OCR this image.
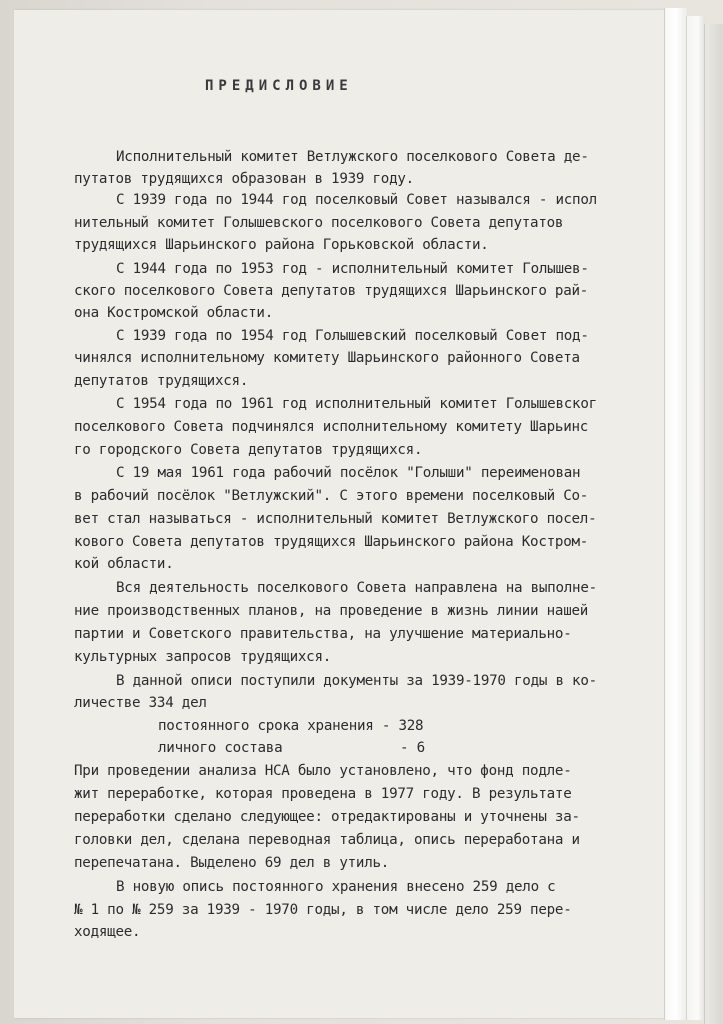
ПРЕДИСЛОВИЕ
Исполнительный комитет Ветлужского поселкового Совета де-
путатов трудящихся образован в 1939 году.
С 1939 года по 1944 год поселковый Совет назывался - испол
нительный комитет Голышевского поселкового Совета депутатов
трудящихся Шарьинского района Горьковской области.
С 1944 года по 1953 год - исполнительный комитет Голышев-
ского поселкового Совета депутатов трудящихся Шарьинского рай-
она Костромской области.
С 1939 года по 1954 год Голышевский поселковый Совет под-
чинялся исполнительному комитету Шарьинского районного Совета
депутатов трудящихся.
С 1954 года по 1961 год исполнительный комитет Голышевског
поселкового Совета подчинялся исполнительному комитету Шарьинс
го городского Совета депутатов трудящихся.
С 19 мая 1961 года рабочий посёлок "Голыши" переименован
в рабочий посёлок "Ветлужский". С этого времени поселковый Со-
вет стал называться - исполнительный комитет Ветлужского посел-
кового Совета депутатов трудящихся Шарьинского района Костром-
кой области.
Вся деятельность поселкового Совета направлена на выполне-
ние производственных планов, на проведение в жизнь линии нашей
партии и Советского правительства, на улучшение материально-
культурных запросов трудящихся.
В данной описи поступили документы за 1939-1970 годы в ко-
личестве 334 дел
постоянного срока хранения - 328
личного состава	- 6
При проведении анализа НСА было установлено, что фонд подле-
жит переработке, которая проведена в 1977 году. В результате
переработки сделано следующее: отредактированы и уточнены за-
головки дел, сделана переводная таблица, опись переработана и
перепечатана. Выделено 69 дел в утиль.
В новую опись постоянного хранения внесено 259 дело с
№ 1 по № 259 за 1939 - 1970 годы, в том числе дело 259 пере-
ходящее.
